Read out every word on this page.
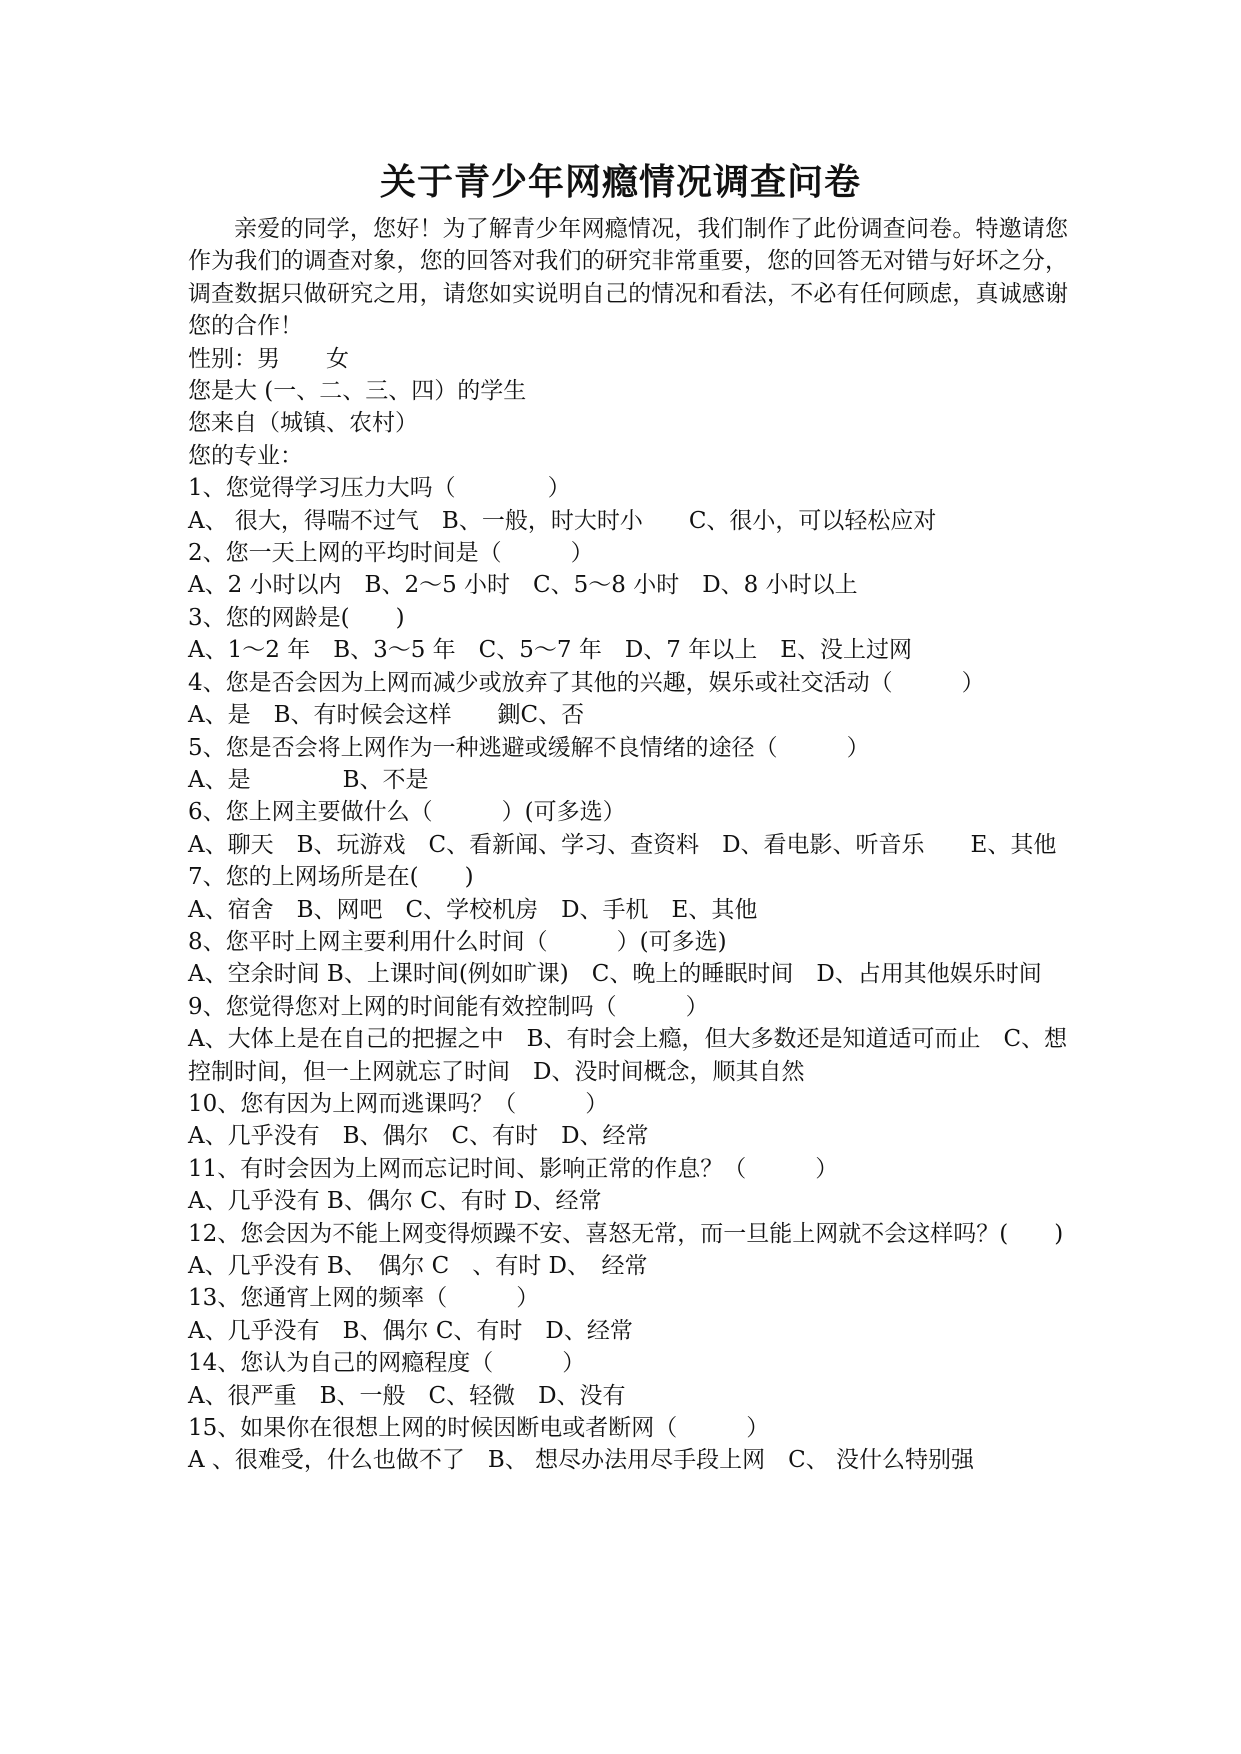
关于青少年网瘾情况调查问卷
亲爱的同学，您好！为了解青少年网瘾情况，我们制作了此份调查问卷。特邀请您作为我们的调查对象，您的回答对我们的研究非常重要，您的回答无对错与好坏之分，调查数据只做研究之用，请您如实说明自己的情况和看法，不必有任何顾虑，真诚感谢您的合作！
性别：男　　女
您是大 (一、二、三、四）的学生
您来自（城镇、农村）
您的专业：
1、您觉得学习压力大吗（　　　　）
A、 很大，得喘不过气　B、一般，时大时小　　C、很小，可以轻松应对
2、您一天上网的平均时间是（　　　）
A、2 小时以内　B、2～5 小时　C、5～8 小时　D、8 小时以上
3、您的网龄是(　　)
A、1～2 年　B、3～5 年　C、5～7 年　D、7 年以上　E、没上过网
4、您是否会因为上网而减少或放弃了其他的兴趣，娱乐或社交活动（　　　）
A、是　B、有时候会这样　　鍘C、否
5、您是否会将上网作为一种逃避或缓解不良情绪的途径（　　　）
A、是　　　　B、不是
6、您上网主要做什么（　　　）(可多选）
A、聊天　B、玩游戏　C、看新闻、学习、查资料　D、看电影、听音乐　　E、其他
7、您的上网场所是在(　　)
A、宿舍　B、网吧　C、学校机房　D、手机　E、其他
8、您平时上网主要利用什么时间（　　　）(可多选)
A、空余时间 B、上课时间(例如旷课)　C、晚上的睡眠时间　D、占用其他娱乐时间
9、您觉得您对上网的时间能有效控制吗（　　　）
A、大体上是在自己的把握之中　B、有时会上瘾，但大多数还是知道适可而止　C、想控制时间，但一上网就忘了时间　D、没时间概念，顺其自然
10、您有因为上网而逃课吗？（　　　）
A、几乎没有　B、偶尔　C、有时　D、经常
11、有时会因为上网而忘记时间、影响正常的作息？（　　　）
A、几乎没有 B、偶尔 C、有时 D、经常
12、您会因为不能上网变得烦躁不安、喜怒无常，而一旦能上网就不会这样吗？(　　)
A、几乎没有 B、　偶尔 C　、有时 D、　经常
13、您通宵上网的频率（　　　）
A、几乎没有　B、偶尔 C、有时　D、经常
14、您认为自己的网瘾程度（　　　）
A、很严重　B、一般　C、轻微　D、没有
15、如果你在很想上网的时候因断电或者断网（　　　）
A 、很难受，什么也做不了　B、 想尽办法用尽手段上网　C、 没什么特别强
